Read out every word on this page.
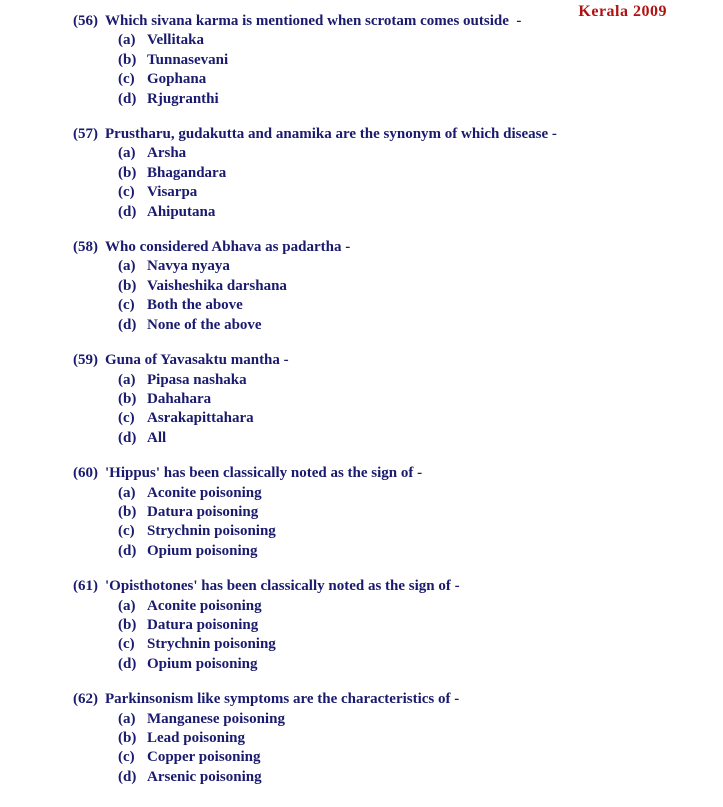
Kerala 2009
(56) Which sivana karma is mentioned when scrotam comes outside  -
(a) Vellitaka
(b) Tunnasevani
(c) Gophana
(d) Rjugranthi
(57) Prustharu, gudakutta and anamika are the synonym of which disease -
(a) Arsha
(b) Bhagandara
(c) Visarpa
(d) Ahiputana
(58) Who considered Abhava as padartha -
(a) Navya nyaya
(b) Vaisheshika darshana
(c) Both the above
(d) None of the above
(59) Guna of Yavasaktu mantha -
(a) Pipasa nashaka
(b) Dahahara
(c) Asrakapittahara
(d) All
(60) 'Hippus' has been classically noted as the sign of -
(a) Aconite poisoning
(b) Datura poisoning
(c) Strychnin poisoning
(d) Opium poisoning
(61) 'Opisthotones' has been classically noted as the sign of -
(a) Aconite poisoning
(b) Datura poisoning
(c) Strychnin poisoning
(d) Opium poisoning
(62) Parkinsonism like symptoms are the characteristics of -
(a) Manganese poisoning
(b) Lead poisoning
(c) Copper poisoning
(d) Arsenic poisoning
